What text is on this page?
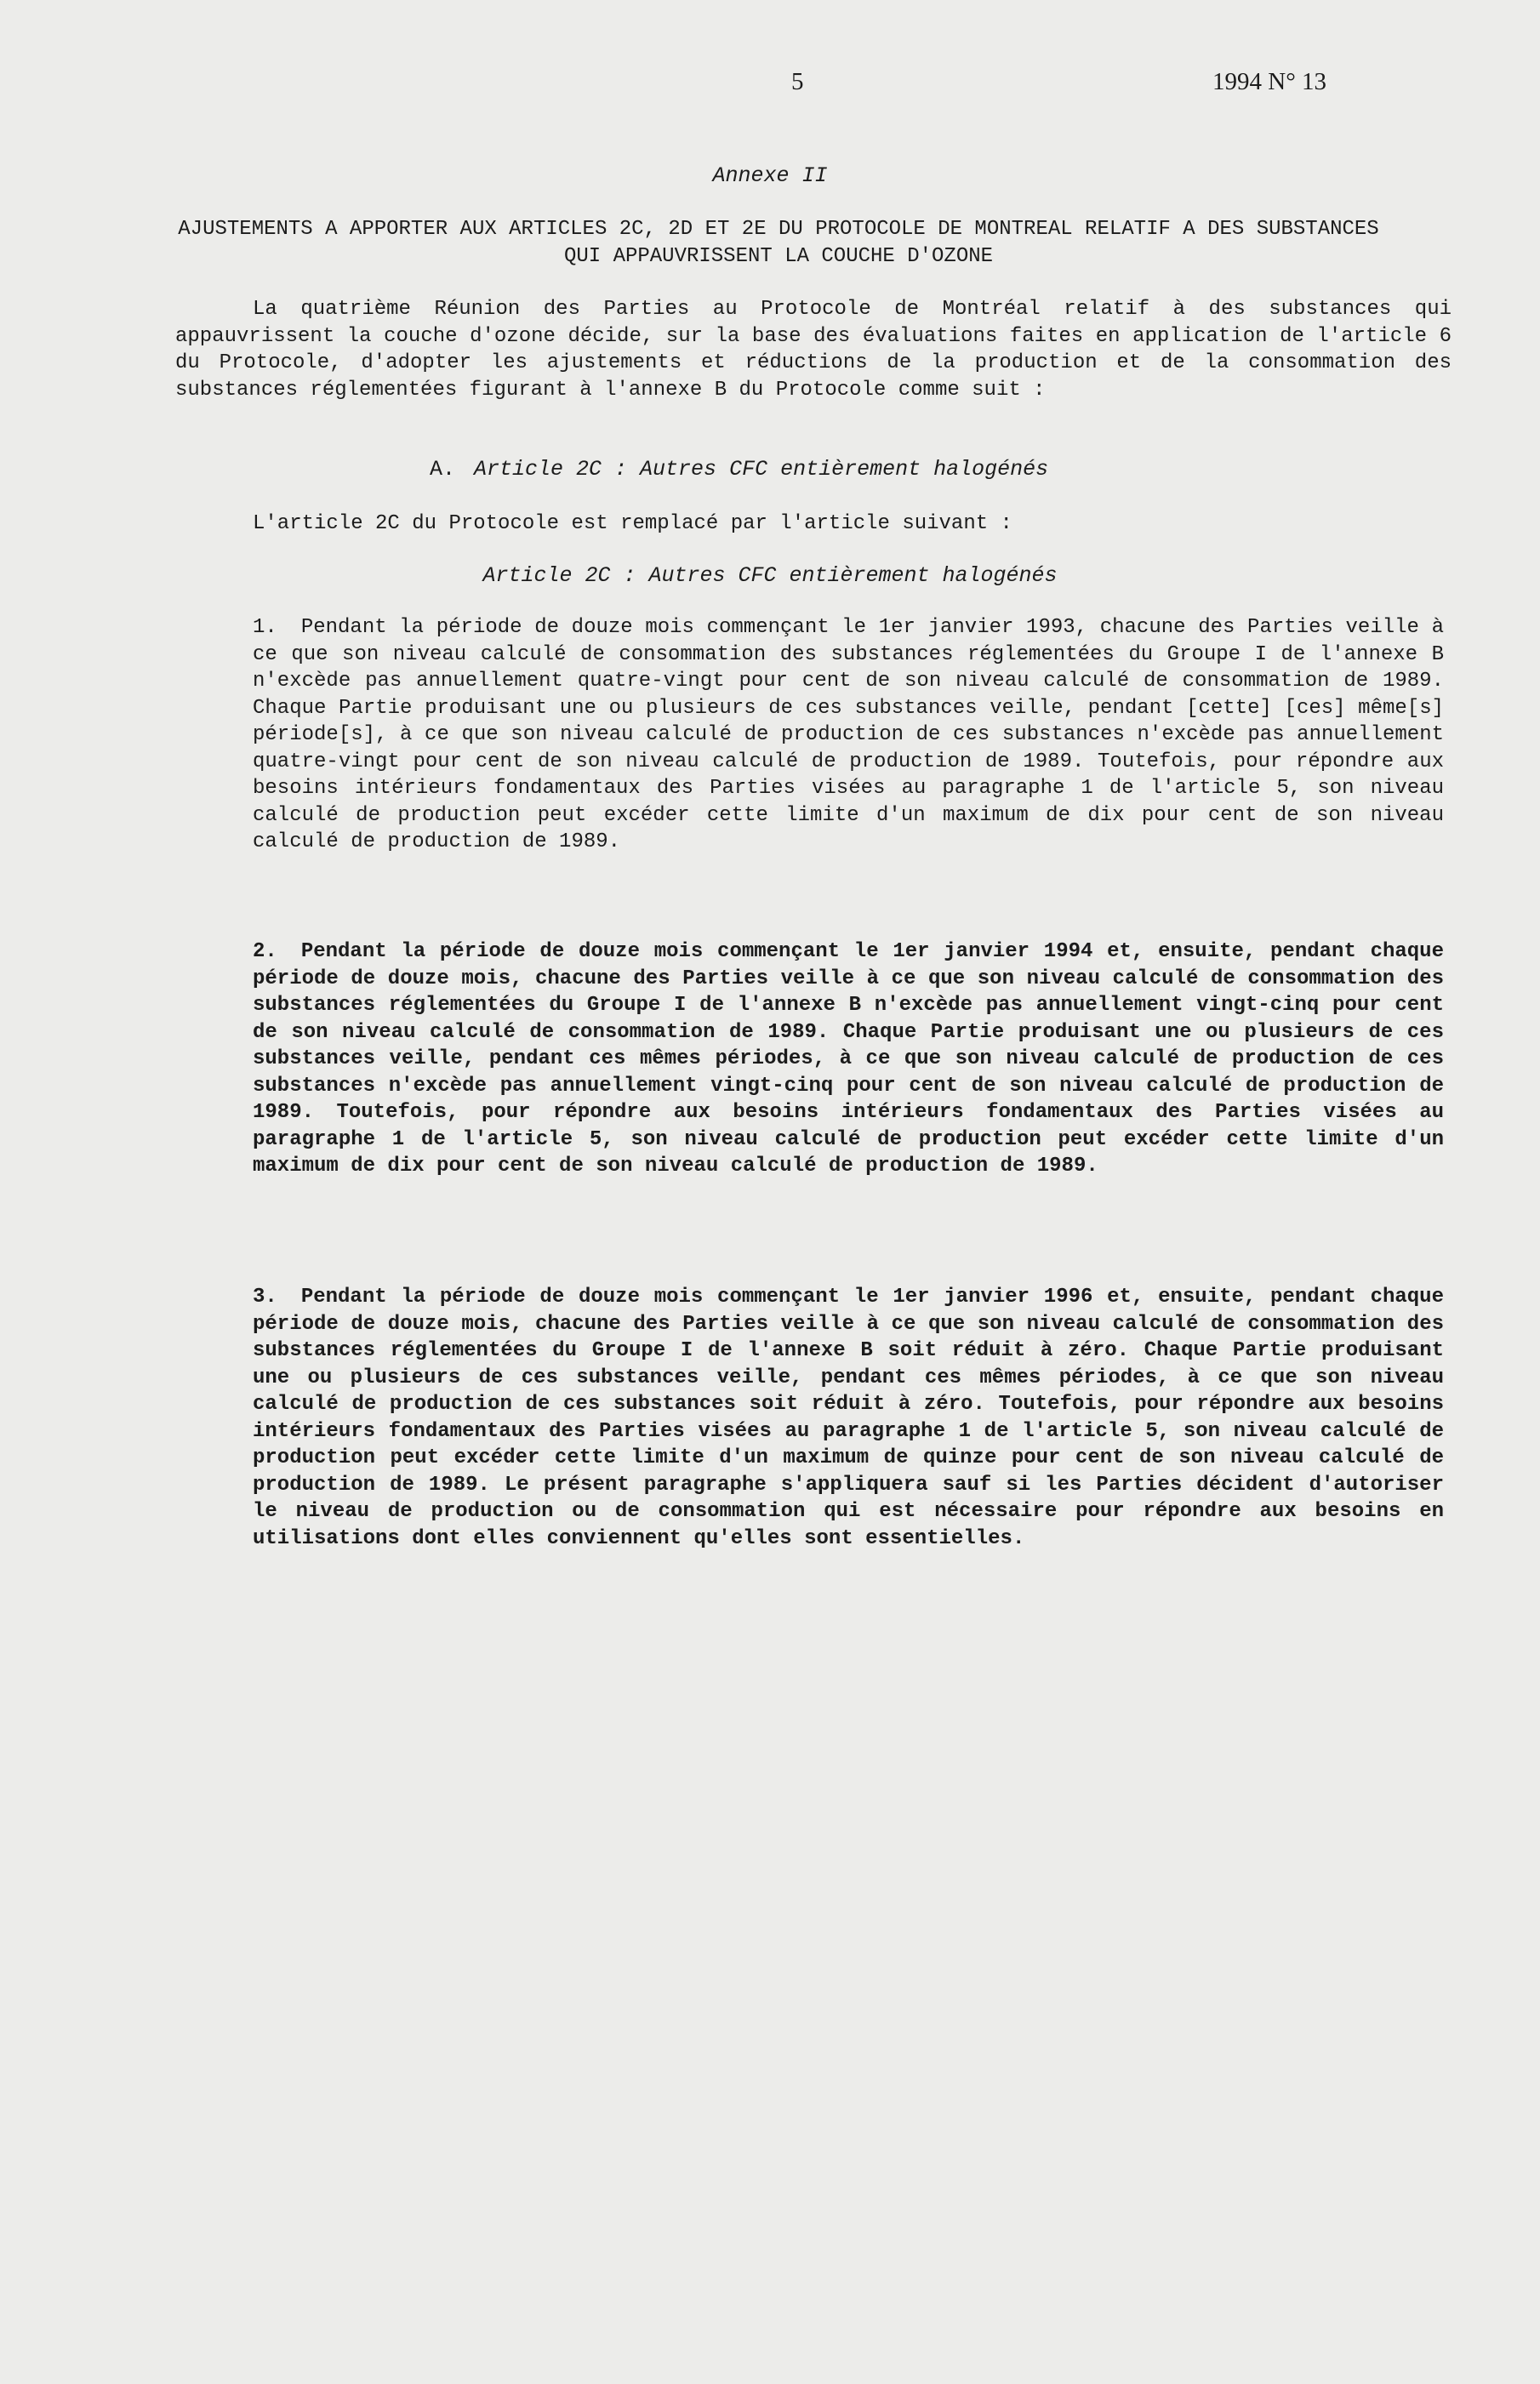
5	1994 N° 13
Annexe II

AJUSTEMENTS A APPORTER AUX ARTICLES 2C, 2D ET 2E DU PROTOCOLE DE MONTREAL RELATIF A DES SUBSTANCES QUI APPAUVRISSENT LA COUCHE D'OZONE

La quatrième Réunion des Parties au Protocole de Montréal relatif à des substances qui appauvrissent la couche d'ozone décide, sur la base des évaluations faites en application de l'article 6 du Protocole, d'adopter les ajustements et réductions de la production et de la consommation des substances réglementées figurant à l'annexe B du Protocole comme suit :

A. Article 2C : Autres CFC entièrement halogénés

L'article 2C du Protocole est remplacé par l'article suivant :

Article 2C : Autres CFC entièrement halogénés

1. Pendant la période de douze mois commençant le 1er janvier 1993, chacune des Parties veille à ce que son niveau calculé de consommation des substances réglementées du Groupe I de l'annexe B n'excède pas annuellement quatre-vingt pour cent de son niveau calculé de consommation de 1989. Chaque Partie produisant une ou plusieurs de ces substances veille, pendant [cette] [ces] même[s] période[s], à ce que son niveau calculé de production de ces substances n'excède pas annuellement quatre-vingt pour cent de son niveau calculé de production de 1989. Toutefois, pour répondre aux besoins intérieurs fondamentaux des Parties visées au paragraphe 1 de l'article 5, son niveau calculé de production peut excéder cette limite d'un maximum de dix pour cent de son niveau calculé de production de 1989.

2. Pendant la période de douze mois commençant le 1er janvier 1994 et, ensuite, pendant chaque période de douze mois, chacune des Parties veille à ce que son niveau calculé de consommation des substances réglementées du Groupe I de l'annexe B n'excède pas annuellement vingt-cinq pour cent de son niveau calculé de consommation de 1989. Chaque Partie produisant une ou plusieurs de ces substances veille, pendant ces mêmes périodes, à ce que son niveau calculé de production de ces substances n'excède pas annuellement vingt-cinq pour cent de son niveau calculé de production de 1989. Toutefois, pour répondre aux besoins intérieurs fondamentaux des Parties visées au paragraphe 1 de l'article 5, son niveau calculé de production peut excéder cette limite d'un maximum de dix pour cent de son niveau calculé de production de 1989.

3. Pendant la période de douze mois commençant le 1er janvier 1996 et, ensuite, pendant chaque période de douze mois, chacune des Parties veille à ce que son niveau calculé de consommation des substances réglementées du Groupe I de l'annexe B soit réduit à zéro. Chaque Partie produisant une ou plusieurs de ces substances veille, pendant ces mêmes périodes, à ce que son niveau calculé de production de ces substances soit réduit à zéro. Toutefois, pour répondre aux besoins intérieurs fondamentaux des Parties visées au paragraphe 1 de l'article 5, son niveau calculé de production peut excéder cette limite d'un maximum de quinze pour cent de son niveau calculé de production de 1989. Le présent paragraphe s'appliquera sauf si les Parties décident d'autoriser le niveau de production ou de consommation qui est nécessaire pour répondre aux besoins en utilisations dont elles conviennent qu'elles sont essentielles.
